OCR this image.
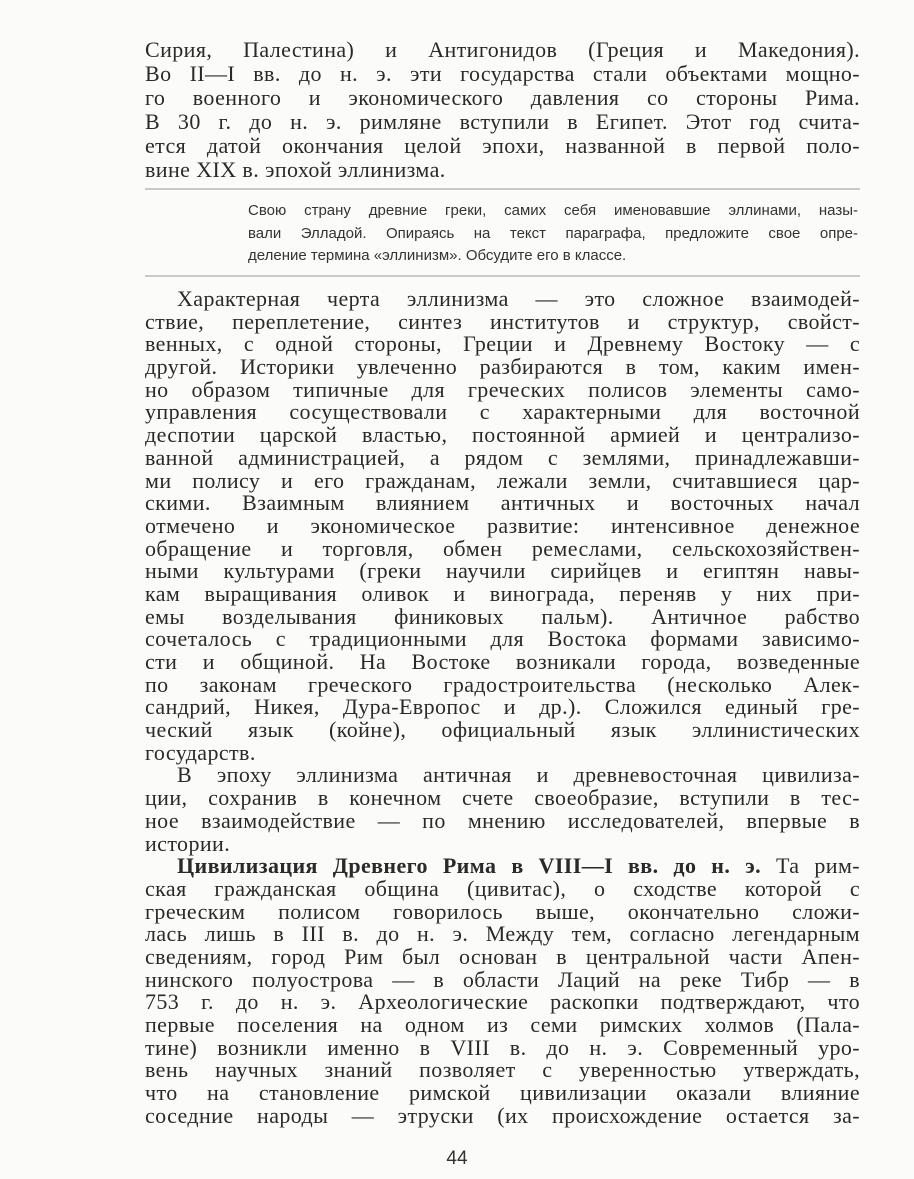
Сирия, Палестина) и Антигонидов (Греция и Македония).
Во II—I вв. до н. э. эти государства стали объектами мощно-
го военного и экономического давления со стороны Рима.
В 30 г. до н. э. римляне вступили в Египет. Этот год счита-
ется датой окончания целой эпохи, названной в первой поло-
вине XIX в. эпохой эллинизма.
Свою страну древние греки, самих себя именовавшие эллинами, назы-
вали Элладой. Опираясь на текст параграфа, предложите свое опре-
деление термина «эллинизм». Обсудите его в классе.
Характерная черта эллинизма — это сложное взаимодей-
ствие, переплетение, синтез институтов и структур, свойст-
венных, с одной стороны, Греции и Древнему Востоку — с
другой. Историки увлеченно разбираются в том, каким имен-
но образом типичные для греческих полисов элементы само-
управления сосуществовали с характерными для восточной
деспотии царской властью, постоянной армией и централизо-
ванной администрацией, а рядом с землями, принадлежавши-
ми полису и его гражданам, лежали земли, считавшиеся цар-
скими. Взаимным влиянием античных и восточных начал
отмечено и экономическое развитие: интенсивное денежное
обращение и торговля, обмен ремеслами, сельскохозяйствен-
ными культурами (греки научили сирийцев и египтян навы-
кам выращивания оливок и винограда, переняв у них при-
емы возделывания финиковых пальм). Античное рабство
сочеталось с традиционными для Востока формами зависимо-
сти и общиной. На Востоке возникали города, возведенные
по законам греческого градостроительства (несколько Алек-
сандрий, Никея, Дура-Европос и др.). Сложился единый гре-
ческий язык (койне), официальный язык эллинистических
государств.
В эпоху эллинизма античная и древневосточная цивилиза-
ции, сохранив в конечном счете своеобразие, вступили в тес-
ное взаимодействие — по мнению исследователей, впервые в
истории.
Цивилизация Древнего Рима в VIII—I вв. до н. э. Та рим-
ская гражданская община (цивитас), о сходстве которой с
греческим полисом говорилось выше, окончательно сложи-
лась лишь в III в. до н. э. Между тем, согласно легендарным
сведениям, город Рим был основан в центральной части Апен-
нинского полуострова — в области Лаций на реке Тибр — в
753 г. до н. э. Археологические раскопки подтверждают, что
первые поселения на одном из семи римских холмов (Пала-
тине) возникли именно в VIII в. до н. э. Современный уро-
вень научных знаний позволяет с уверенностью утверждать,
что на становление римской цивилизации оказали влияние
соседние народы — этруски (их происхождение остается за-
44
